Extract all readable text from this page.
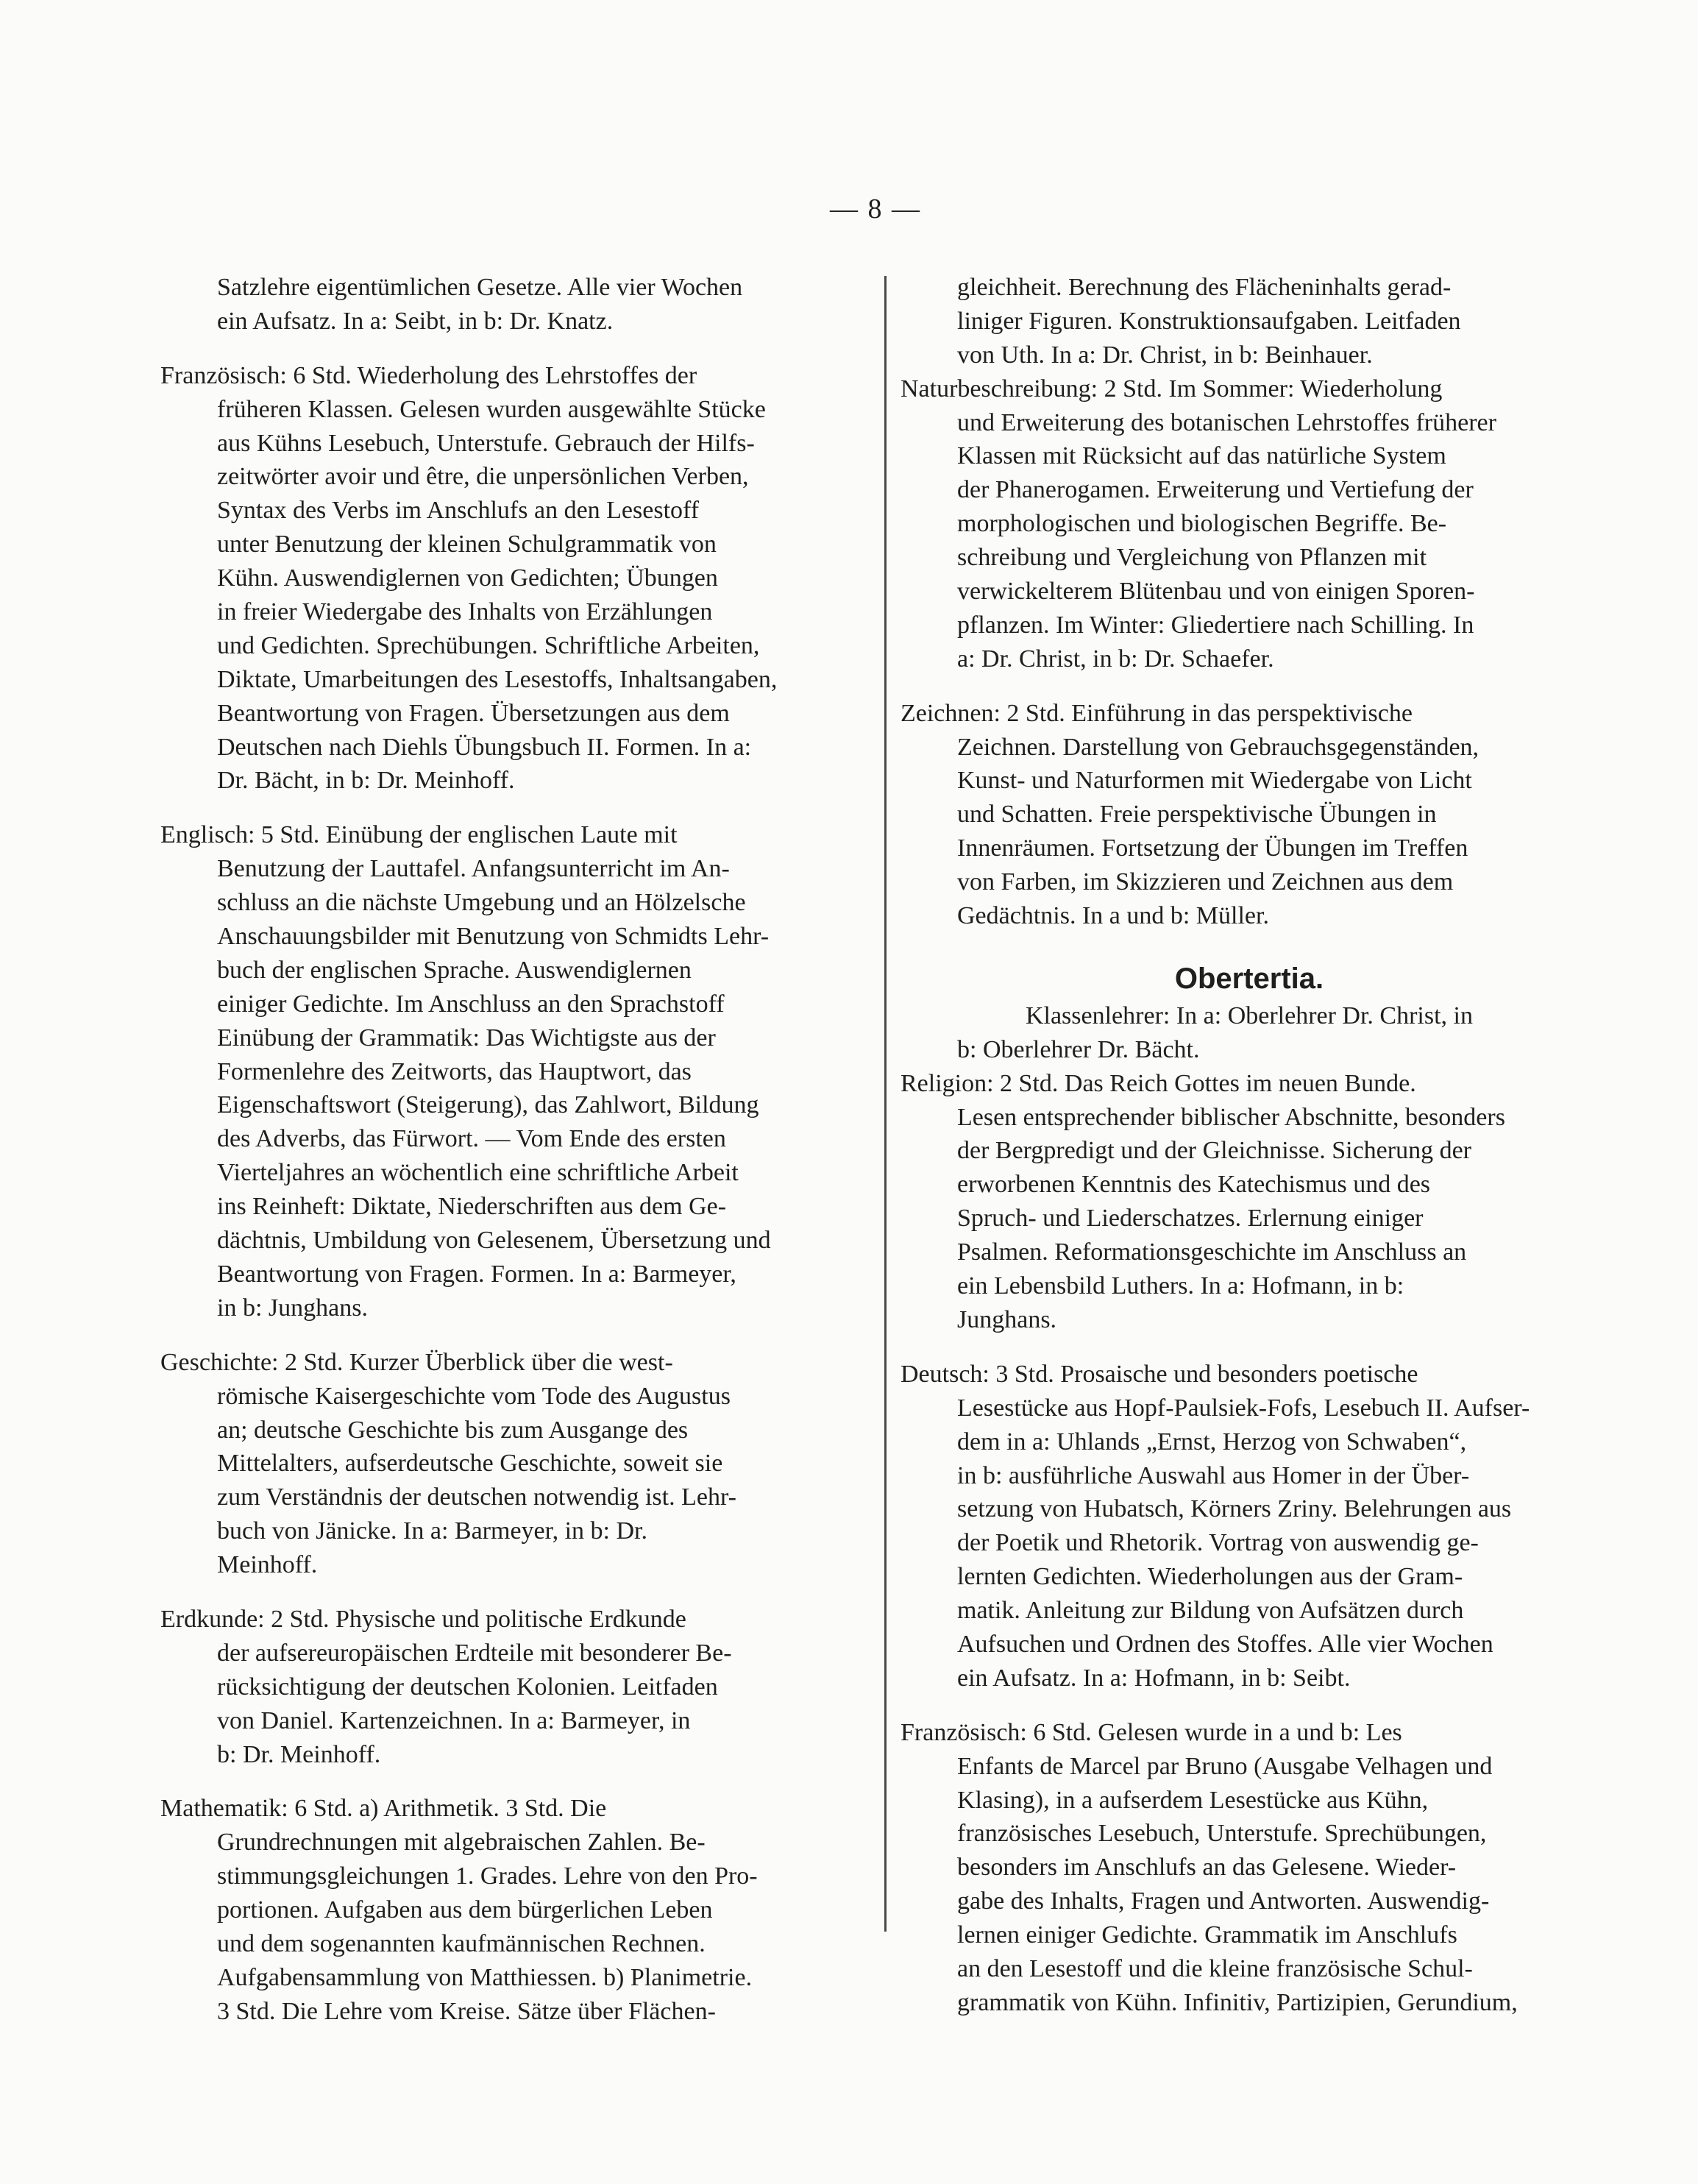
— 8 —
Satzlehre eigentümlichen Gesetze. Alle vier Wochen
ein Aufsatz. In a: Seibt, in b: Dr. Knatz.
Französisch: 6 Std. Wiederholung des Lehrstoffes der
früheren Klassen. Gelesen wurden ausgewählte Stücke
aus Kühns Lesebuch, Unterstufe. Gebrauch der Hilfs-
zeitwörter avoir und être, die unpersönlichen Verben,
Syntax des Verbs im Anschlufs an den Lesestoff
unter Benutzung der kleinen Schulgrammatik von
Kühn. Auswendiglernen von Gedichten; Übungen
in freier Wiedergabe des Inhalts von Erzählungen
und Gedichten. Sprechübungen. Schriftliche Arbeiten,
Diktate, Umarbeitungen des Lesestoffs, Inhaltsangaben,
Beantwortung von Fragen. Übersetzungen aus dem
Deutschen nach Diehls Übungsbuch II. Formen. In a:
Dr. Bächt, in b: Dr. Meinhoff.
Englisch: 5 Std. Einübung der englischen Laute mit
Benutzung der Lauttafel. Anfangsunterricht im An-
schluss an die nächste Umgebung und an Hölzelsche
Anschauungsbilder mit Benutzung von Schmidts Lehr-
buch der englischen Sprache. Auswendiglernen
einiger Gedichte. Im Anschluss an den Sprachstoff
Einübung der Grammatik: Das Wichtigste aus der
Formenlehre des Zeitworts, das Hauptwort, das
Eigenschaftswort (Steigerung), das Zahlwort, Bildung
des Adverbs, das Fürwort. — Vom Ende des ersten
Vierteljahres an wöchentlich eine schriftliche Arbeit
ins Reinheft: Diktate, Niederschriften aus dem Ge-
dächtnis, Umbildung von Gelesenem, Übersetzung und
Beantwortung von Fragen. Formen. In a: Barmeyer,
in b: Junghans.
Geschichte: 2 Std. Kurzer Überblick über die west-
römische Kaisergeschichte vom Tode des Augustus
an; deutsche Geschichte bis zum Ausgange des
Mittelalters, aufserdeutsche Geschichte, soweit sie
zum Verständnis der deutschen notwendig ist. Lehr-
buch von Jänicke. In a: Barmeyer, in b: Dr.
Meinhoff.
Erdkunde: 2 Std. Physische und politische Erdkunde
der aufsereuropäischen Erdteile mit besonderer Be-
rücksichtigung der deutschen Kolonien. Leitfaden
von Daniel. Kartenzeichnen. In a: Barmeyer, in
b: Dr. Meinhoff.
Mathematik: 6 Std. a) Arithmetik. 3 Std. Die
Grundrechnungen mit algebraischen Zahlen. Be-
stimmungsgleichungen 1. Grades. Lehre von den Pro-
portionen. Aufgaben aus dem bürgerlichen Leben
und dem sogenannten kaufmännischen Rechnen.
Aufgabensammlung von Matthiessen. b) Planimetrie.
3 Std. Die Lehre vom Kreise. Sätze über Flächen-
gleichheit. Berechnung des Flächeninhalts gerad-
liniger Figuren. Konstruktionsaufgaben. Leitfaden
von Uth. In a: Dr. Christ, in b: Beinhauer.
Naturbeschreibung: 2 Std. Im Sommer: Wiederholung
und Erweiterung des botanischen Lehrstoffes früherer
Klassen mit Rücksicht auf das natürliche System
der Phanerogamen. Erweiterung und Vertiefung der
morphologischen und biologischen Begriffe. Be-
schreibung und Vergleichung von Pflanzen mit
verwickelterem Blütenbau und von einigen Sporen-
pflanzen. Im Winter: Gliedertiere nach Schilling. In
a: Dr. Christ, in b: Dr. Schaefer.
Zeichnen: 2 Std. Einführung in das perspektivische
Zeichnen. Darstellung von Gebrauchsgegenständen,
Kunst- und Naturformen mit Wiedergabe von Licht
und Schatten. Freie perspektivische Übungen in
Innenräumen. Fortsetzung der Übungen im Treffen
von Farben, im Skizzieren und Zeichnen aus dem
Gedächtnis. In a und b: Müller.
Obertertia.
Klassenlehrer: In a: Oberlehrer Dr. Christ, in
b: Oberlehrer Dr. Bächt.
Religion: 2 Std. Das Reich Gottes im neuen Bunde.
Lesen entsprechender biblischer Abschnitte, besonders
der Bergpredigt und der Gleichnisse. Sicherung der
erworbenen Kenntnis des Katechismus und des
Spruch- und Liederschatzes. Erlernung einiger
Psalmen. Reformationsgeschichte im Anschluss an
ein Lebensbild Luthers. In a: Hofmann, in b:
Junghans.
Deutsch: 3 Std. Prosaische und besonders poetische
Lesestücke aus Hopf-Paulsiek-Fofs, Lesebuch II. Aufser-
dem in a: Uhlands „Ernst, Herzog von Schwaben“,
in b: ausführliche Auswahl aus Homer in der Über-
setzung von Hubatsch, Körners Zriny. Belehrungen aus
der Poetik und Rhetorik. Vortrag von auswendig ge-
lernten Gedichten. Wiederholungen aus der Gram-
matik. Anleitung zur Bildung von Aufsätzen durch
Aufsuchen und Ordnen des Stoffes. Alle vier Wochen
ein Aufsatz. In a: Hofmann, in b: Seibt.
Französisch: 6 Std. Gelesen wurde in a und b: Les
Enfants de Marcel par Bruno (Ausgabe Velhagen und
Klasing), in a aufserdem Lesestücke aus Kühn,
französisches Lesebuch, Unterstufe. Sprechübungen,
besonders im Anschlufs an das Gelesene. Wieder-
gabe des Inhalts, Fragen und Antworten. Auswendig-
lernen einiger Gedichte. Grammatik im Anschlufs
an den Lesestoff und die kleine französische Schul-
grammatik von Kühn. Infinitiv, Partizipien, Gerundium,
